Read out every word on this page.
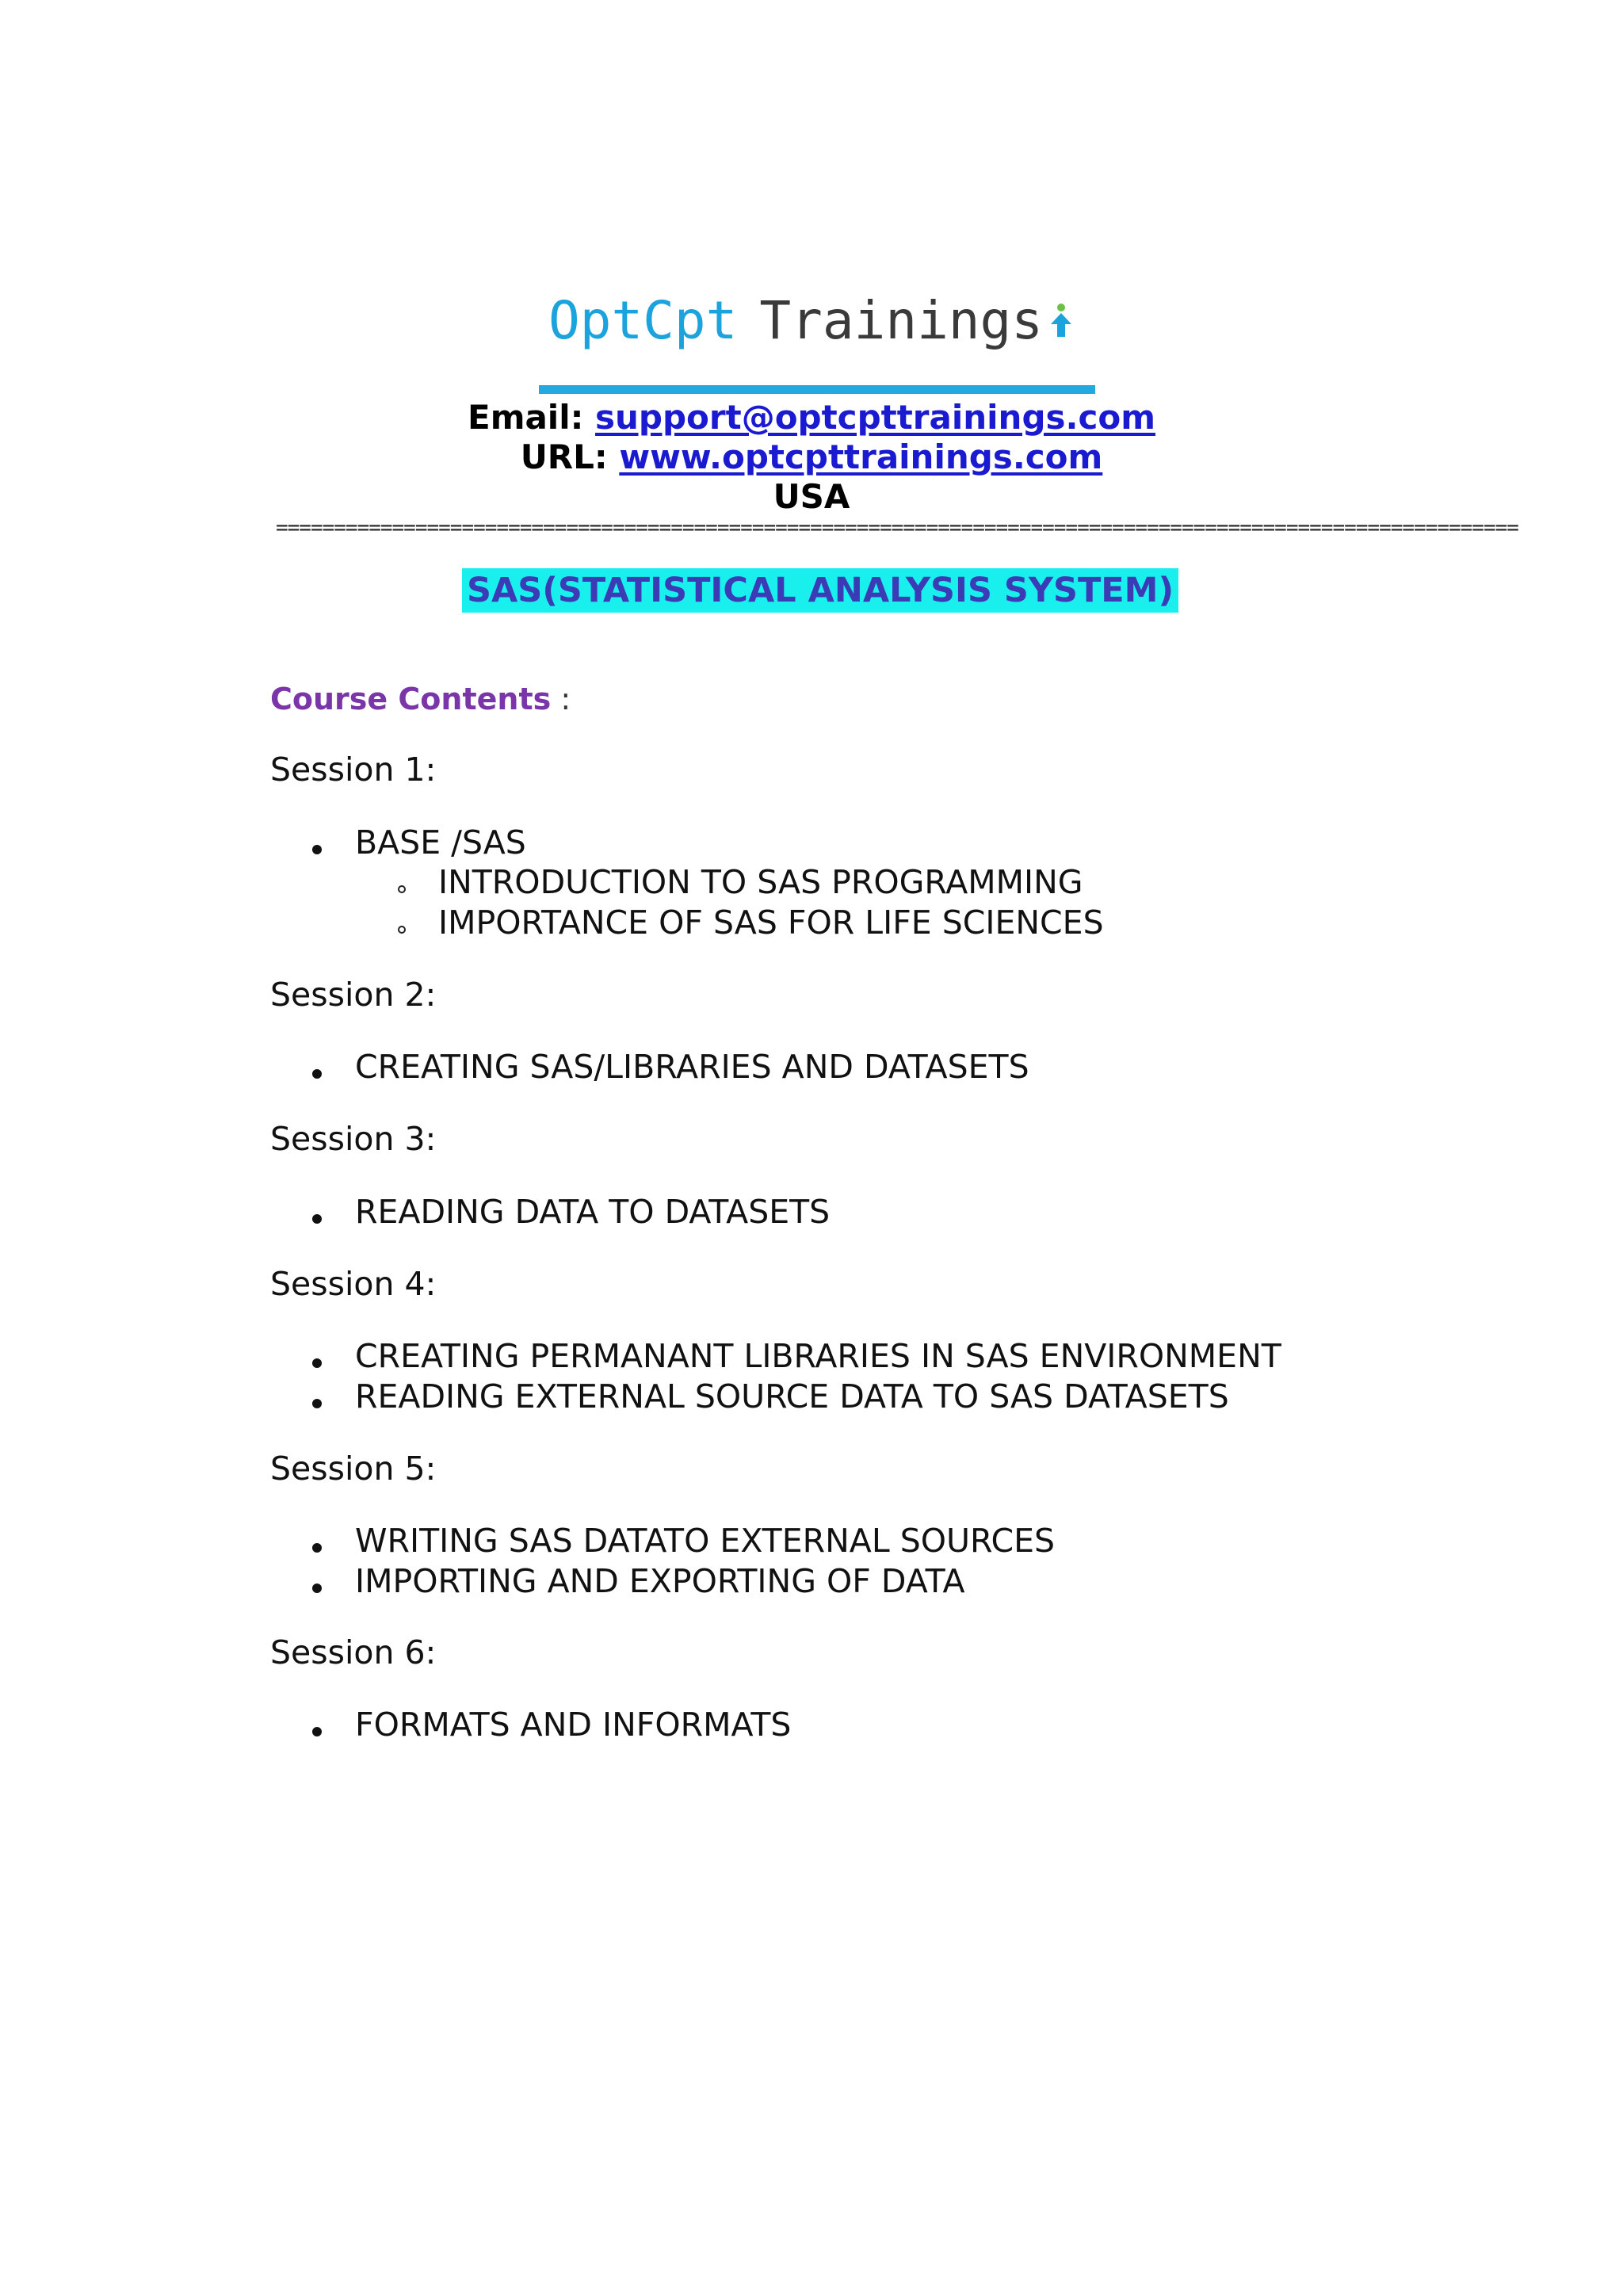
OptCpt Trainings
Email: support@optcpttrainings.com
URL: www.optcpttrainings.com
USA
===========================================================================================================
SAS(STATISTICAL ANALYSIS SYSTEM)
Course Contents :
Session 1:
BASE /SAS
INTRODUCTION TO SAS PROGRAMMING
IMPORTANCE OF SAS FOR LIFE SCIENCES
Session 2:
CREATING SAS/LIBRARIES AND DATASETS
Session 3:
READING DATA TO DATASETS
Session 4:
CREATING PERMANANT LIBRARIES IN SAS ENVIRONMENT
READING EXTERNAL SOURCE DATA TO SAS DATASETS
Session 5:
WRITING SAS DATATO EXTERNAL SOURCES
IMPORTING AND EXPORTING OF DATA
Session 6:
FORMATS AND INFORMATS
